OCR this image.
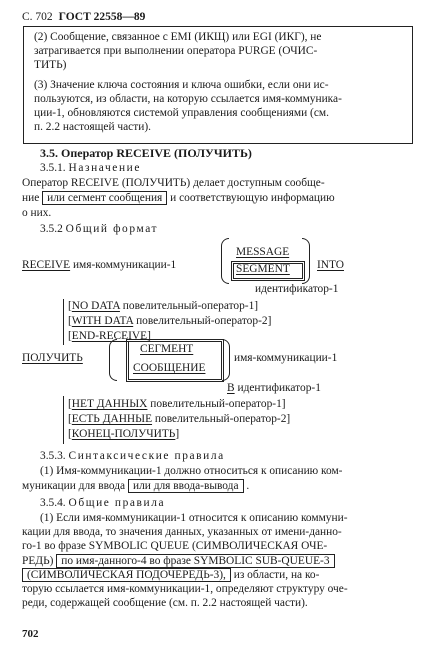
С. 702 ГОСТ 22558—89
(2) Сообщение, связанное с EMI (ИКЩ) или EGI (ИКГ), не
затрагивается при выполнении оператора PURGE (ОЧИС-
ТИТЬ)
(3) Значение ключа состояния и ключа ошибки, если они ис-
пользуются, из области, на которую ссылается имя-коммуника-
ции-1, обновляются системой управления сообщениями (см.
п. 2.2 настоящей части).
3.5. Оператор RECEIVE (ПОЛУЧИТЬ)
3.5.1. Назначение
Оператор RECEIVE (ПОЛУЧИТЬ) делает доступным сообще-
ние или сегмент сообщения и соответствующую информацию
о них.
3.5.2 Общий формат
RECEIVE имя-коммуникации-1
MESSAGE
SEGMENT INTO
идентификатор-1
[NO DATA повелительный-оператор-1]
[WITH DATA повелительный-оператор-2]
[END-RECEIVE]
ПОЛУЧИТЬ
СЕГМЕНТ
СООБЩЕНИЕ
имя-коммуникации-1
В идентификатор-1
[НЕТ ДАННЫХ повелительный-оператор-1]
[ЕСТЬ ДАННЫЕ повелительный-оператор-2]
[КОНЕЦ-ПОЛУЧИТЬ]
3.5.3. Синтаксические правила
(1) Имя-коммуникации-1 должно относиться к описанию ком-
муникации для ввода или для ввода-вывода .
3.5.4. Общие правила
(1) Если имя-коммуникации-1 относится к описанию коммуни-
кации для ввода, то значения данных, указанных от имени-данно-
го-1 во фразе SYMBOLIC QUEUE (СИМВОЛИЧЕСКАЯ ОЧЕ-
РЕДЬ) по имя-данного-4 во фразе SYMBOLIC SUB-QUEUE-3
(СИМВОЛИЧЕСКАЯ ПОДОЧЕРЕДЬ-3), из области, на ко-
торую ссылается имя-коммуникации-1, определяют структуру оче-
реди, содержащей сообщение (см. п. 2.2 настоящей части).
702
